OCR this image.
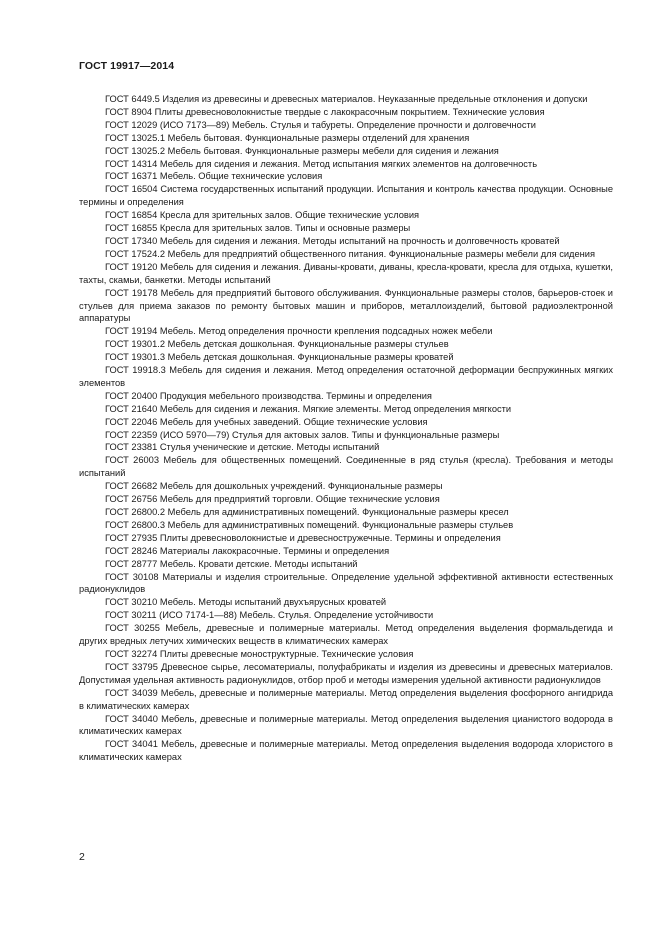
ГОСТ 19917—2014
ГОСТ 6449.5 Изделия из древесины и древесных материалов. Неуказанные предельные отклонения и допуски
ГОСТ 8904 Плиты древесноволокнистые твердые с лакокрасочным покрытием. Технические условия
ГОСТ 12029 (ИСО 7173—89) Мебель. Стулья и табуреты. Определение прочности и долговечности
ГОСТ 13025.1 Мебель бытовая. Функциональные размеры отделений для хранения
ГОСТ 13025.2 Мебель бытовая. Функциональные размеры мебели для сидения и лежания
ГОСТ 14314 Мебель для сидения и лежания. Метод испытания мягких элементов на долговечность
ГОСТ 16371 Мебель. Общие технические условия
ГОСТ 16504 Система государственных испытаний продукции. Испытания и контроль качества продукции. Основные термины и определения
ГОСТ 16854 Кресла для зрительных залов. Общие технические условия
ГОСТ 16855 Кресла для зрительных залов. Типы и основные размеры
ГОСТ 17340 Мебель для сидения и лежания. Методы испытаний на прочность и долговечность кроватей
ГОСТ 17524.2 Мебель для предприятий общественного питания. Функциональные размеры мебели для сидения
ГОСТ 19120 Мебель для сидения и лежания. Диваны-кровати, диваны, кресла-кровати, кресла для отдыха, кушетки, тахты, скамьи, банкетки. Методы испытаний
ГОСТ 19178 Мебель для предприятий бытового обслуживания. Функциональные размеры столов, барьеров-стоек и стульев для приема заказов по ремонту бытовых машин и приборов, металлоизделий, бытовой радиоэлектронной аппаратуры
ГОСТ 19194 Мебель. Метод определения прочности крепления подсадных ножек мебели
ГОСТ 19301.2 Мебель детская дошкольная. Функциональные размеры стульев
ГОСТ 19301.3 Мебель детская дошкольная. Функциональные размеры кроватей
ГОСТ 19918.3 Мебель для сидения и лежания. Метод определения остаточной деформации беспружинных мягких элементов
ГОСТ 20400 Продукция мебельного производства. Термины и определения
ГОСТ 21640 Мебель для сидения и лежания. Мягкие элементы. Метод определения мягкости
ГОСТ 22046 Мебель для учебных заведений. Общие технические условия
ГОСТ 22359 (ИСО 5970—79) Стулья для актовых залов. Типы и функциональные размеры
ГОСТ 23381 Стулья ученические и детские. Методы испытаний
ГОСТ 26003 Мебель для общественных помещений. Соединенные в ряд стулья (кресла). Требования и методы испытаний
ГОСТ 26682 Мебель для дошкольных учреждений. Функциональные размеры
ГОСТ 26756 Мебель для предприятий торговли. Общие технические условия
ГОСТ 26800.2 Мебель для административных помещений. Функциональные размеры кресел
ГОСТ 26800.3 Мебель для административных помещений. Функциональные размеры стульев
ГОСТ 27935 Плиты древесноволокнистые и древесностружечные. Термины и определения
ГОСТ 28246 Материалы лакокрасочные. Термины и определения
ГОСТ 28777 Мебель. Кровати детские. Методы испытаний
ГОСТ 30108 Материалы и изделия строительные. Определение удельной эффективной активности естественных радионуклидов
ГОСТ 30210 Мебель. Методы испытаний двухъярусных кроватей
ГОСТ 30211 (ИСО 7174-1—88) Мебель. Стулья. Определение устойчивости
ГОСТ 30255 Мебель, древесные и полимерные материалы. Метод определения выделения формальдегида и других вредных летучих химических веществ в климатических камерах
ГОСТ 32274 Плиты древесные моноструктурные. Технические условия
ГОСТ 33795 Древесное сырье, лесоматериалы, полуфабрикаты и изделия из древесины и древесных материалов. Допустимая удельная активность радионуклидов, отбор проб и методы измерения удельной активности радионуклидов
ГОСТ 34039 Мебель, древесные и полимерные материалы. Метод определения выделения фосфорного ангидрида в климатических камерах
ГОСТ 34040 Мебель, древесные и полимерные материалы. Метод определения выделения цианистого водорода в климатических камерах
ГОСТ 34041 Мебель, древесные и полимерные материалы. Метод определения выделения водорода хлористого в климатических камерах
2
